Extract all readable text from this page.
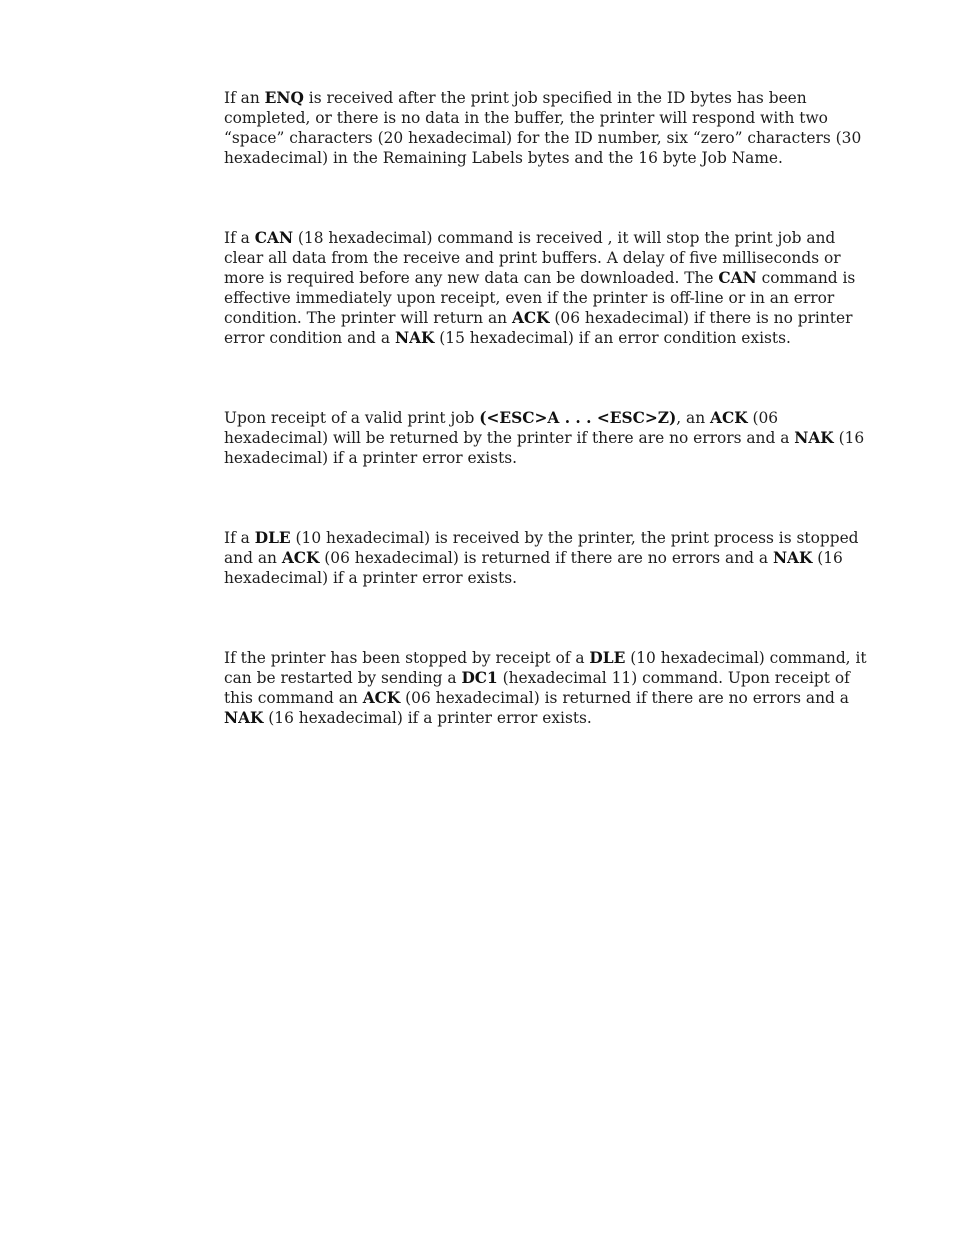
If an ENQ is received after the print job specified in the ID bytes has been completed, or there is no data in the buffer, the printer will respond with two “space” characters (20 hexadecimal) for the ID number, six “zero” characters (30 hexadecimal) in the Remaining Labels bytes and the 16 byte Job Name.

If a CAN (18 hexadecimal) command is received , it will stop the print job and clear all data from the receive and print buffers. A delay of five milliseconds or more is required before any new data can be downloaded. The CAN command is effective immediately upon receipt, even if the printer is off-line or in an error condition. The printer will return an ACK (06 hexadecimal) if there is no printer error condition and a NAK (15 hexadecimal) if an error condition exists.

Upon receipt of a valid print job (<ESC>A . . . <ESC>Z), an ACK (06 hexadecimal) will be returned by the printer if there are no errors and a NAK (16 hexadecimal) if a printer error exists.

If a DLE (10 hexadecimal) is received by the printer, the print process is stopped and an ACK (06 hexadecimal) is returned if there are no errors and a NAK (16 hexadecimal) if a printer error exists.

If the printer has been stopped by receipt of a DLE (10 hexadecimal) command, it can be restarted by sending a DC1 (hexadecimal 11) command. Upon receipt of this command an ACK (06 hexadecimal) is returned if there are no errors and a NAK (16 hexadecimal) if a printer error exists.
